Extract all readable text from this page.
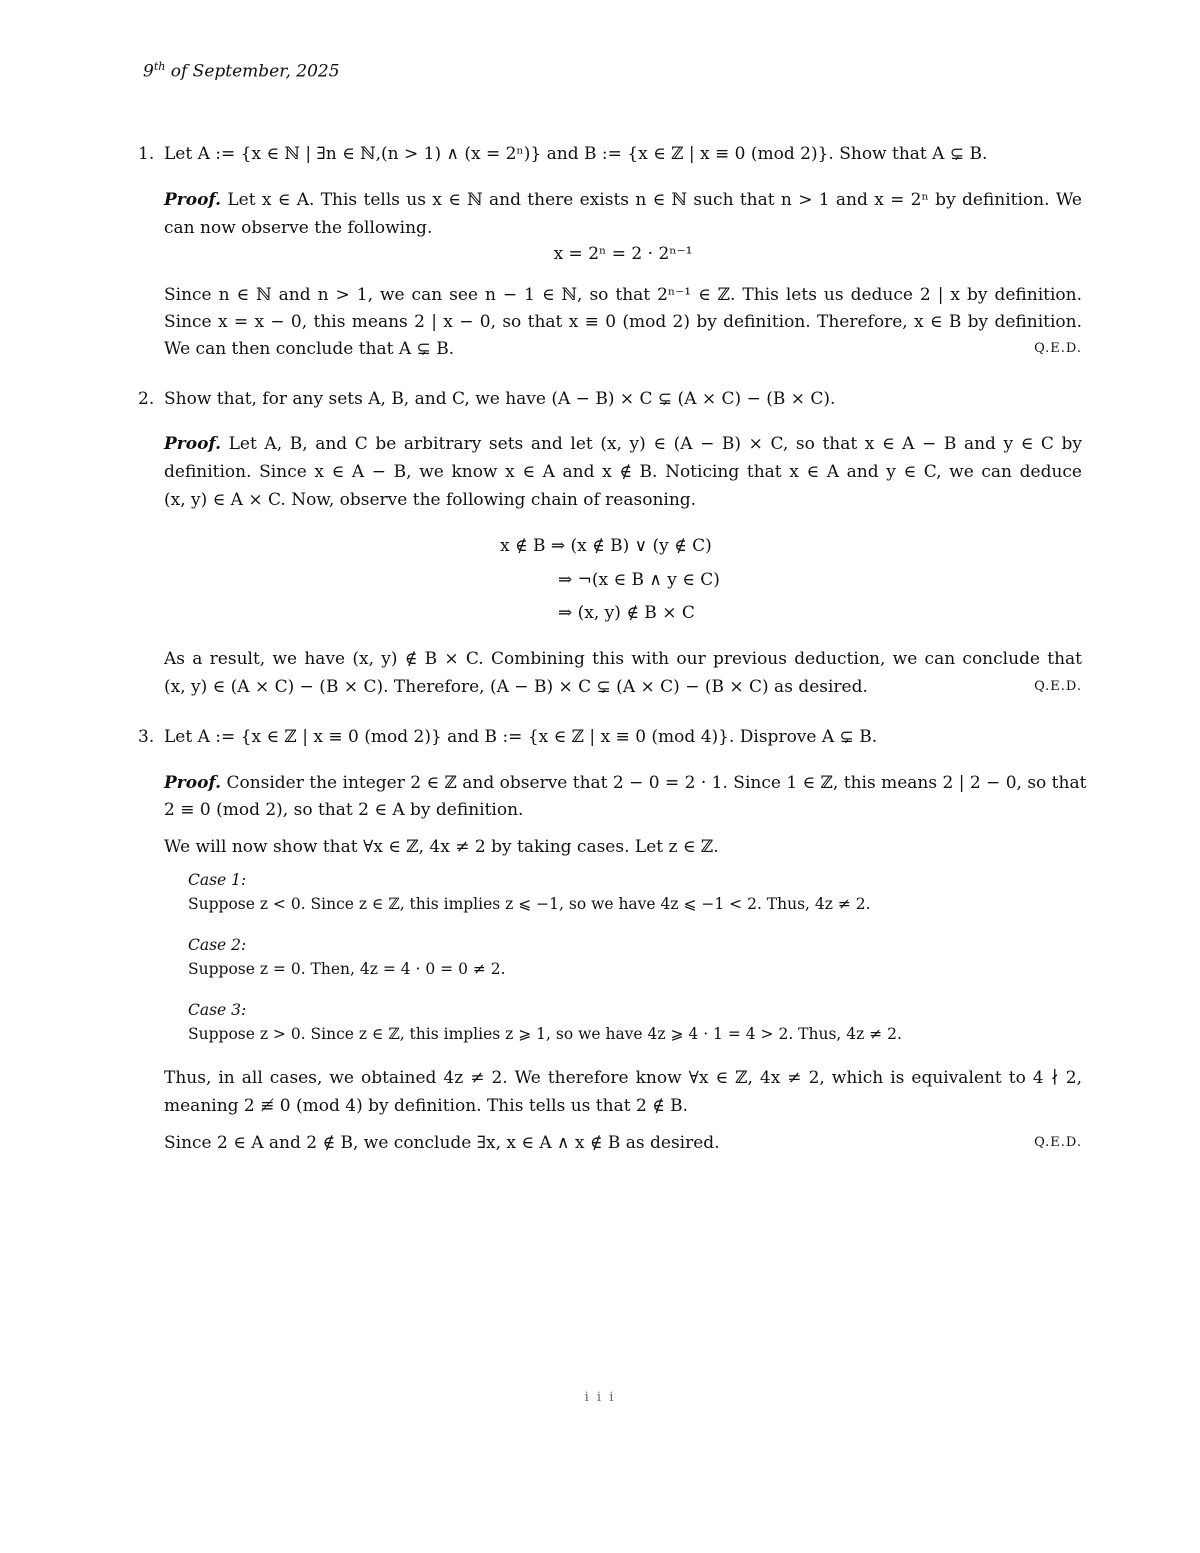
9th of September, 2025
1. Let A := {x ∈ ℕ | ∃n ∈ ℕ,(n > 1) ∧ (x = 2ⁿ)} and B := {x ∈ ℤ | x ≡ 0 (mod 2)}. Show that A ⊊ B.
Proof. Let x ∈ A. This tells us x ∈ ℕ and there exists n ∈ ℕ such that n > 1 and x = 2ⁿ by definition. We
can now observe the following.
x = 2ⁿ = 2 · 2ⁿ⁻¹
Since n ∈ ℕ and n > 1, we can see n − 1 ∈ ℕ, so that 2ⁿ⁻¹ ∈ ℤ. This lets us deduce 2 | x by definition.
Since x = x − 0, this means 2 | x − 0, so that x ≡ 0 (mod 2) by definition. Therefore, x ∈ B by definition.
We can then conclude that A ⊊ B.	Q.E.D.
2. Show that, for any sets A, B, and C, we have (A − B) × C ⊊ (A × C) − (B × C).
Proof. Let A, B, and C be arbitrary sets and let (x, y) ∈ (A − B) × C, so that x ∈ A − B and y ∈ C by
definition. Since x ∈ A − B, we know x ∈ A and x ∉ B. Noticing that x ∈ A and y ∈ C, we can deduce
(x, y) ∈ A × C. Now, observe the following chain of reasoning.
x ∉ B ⇒ (x ∉ B) ∨ (y ∉ C)
⇒ ¬(x ∈ B ∧ y ∈ C)
⇒ (x, y) ∉ B × C
As a result, we have (x, y) ∉ B × C. Combining this with our previous deduction, we can conclude that
(x, y) ∈ (A × C) − (B × C). Therefore, (A − B) × C ⊊ (A × C) − (B × C) as desired.	Q.E.D.
3. Let A := {x ∈ ℤ | x ≡ 0 (mod 2)} and B := {x ∈ ℤ | x ≡ 0 (mod 4)}. Disprove A ⊊ B.
Proof. Consider the integer 2 ∈ ℤ and observe that 2 − 0 = 2 · 1. Since 1 ∈ ℤ, this means 2 | 2 − 0, so that
2 ≡ 0 (mod 2), so that 2 ∈ A by definition.
We will now show that ∀x ∈ ℤ, 4x ≠ 2 by taking cases. Let z ∈ ℤ.
Case 1:
Suppose z < 0. Since z ∈ ℤ, this implies z ⩽ −1, so we have 4z ⩽ −1 < 2. Thus, 4z ≠ 2.
Case 2:
Suppose z = 0. Then, 4z = 4 · 0 = 0 ≠ 2.
Case 3:
Suppose z > 0. Since z ∈ ℤ, this implies z ⩾ 1, so we have 4z ⩾ 4 · 1 = 4 > 2. Thus, 4z ≠ 2.
Thus, in all cases, we obtained 4z ≠ 2. We therefore know ∀x ∈ ℤ, 4x ≠ 2, which is equivalent to 4 ∤ 2,
meaning 2 ≢ 0 (mod 4) by definition. This tells us that 2 ∉ B.
Since 2 ∈ A and 2 ∉ B, we conclude ∃x, x ∈ A ∧ x ∉ B as desired.	Q.E.D.
i i i
